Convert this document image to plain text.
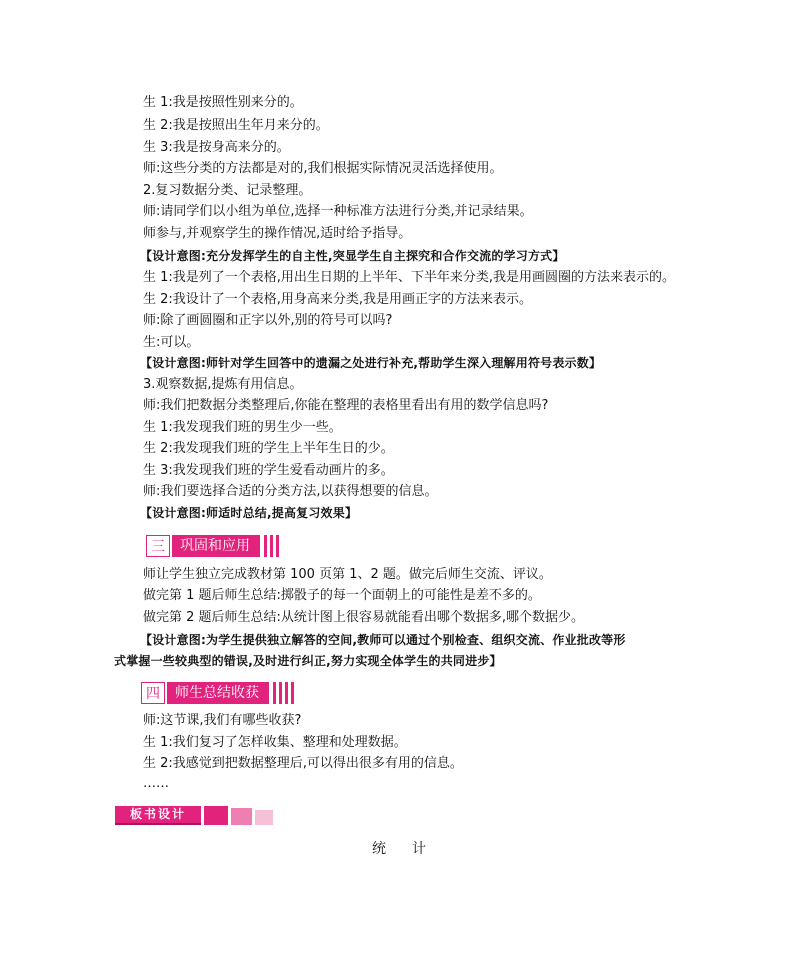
生 1:我是按照性别来分的。
生 2:我是按照出生年月来分的。
生 3:我是按身高来分的。
师:这些分类的方法都是对的,我们根据实际情况灵活选择使用。
2.复习数据分类、记录整理。
师:请同学们以小组为单位,选择一种标准方法进行分类,并记录结果。
师参与,并观察学生的操作情况,适时给予指导。
【设计意图:充分发挥学生的自主性,突显学生自主探究和合作交流的学习方式】
生 1:我是列了一个表格,用出生日期的上半年、下半年来分类,我是用画圆圈的方法来表示的。
生 2:我设计了一个表格,用身高来分类,我是用画正字的方法来表示。
师:除了画圆圈和正字以外,别的符号可以吗?
生:可以。
【设计意图:师针对学生回答中的遗漏之处进行补充,帮助学生深入理解用符号表示数】
3.观察数据,提炼有用信息。
师:我们把数据分类整理后,你能在整理的表格里看出有用的数学信息吗?
生 1:我发现我们班的男生少一些。
生 2:我发现我们班的学生上半年生日的少。
生 3:我发现我们班的学生爱看动画片的多。
师:我们要选择合适的分类方法,以获得想要的信息。
【设计意图:师适时总结,提高复习效果】
三	巩固和应用
师让学生独立完成教材第 100 页第 1、2 题。做完后师生交流、评议。
做完第 1 题后师生总结:掷骰子的每一个面朝上的可能性是差不多的。
做完第 2 题后师生总结:从统计图上很容易就能看出哪个数据多,哪个数据少。
【设计意图:为学生提供独立解答的空间,教师可以通过个别检查、组织交流、作业批改等形
式掌握一些较典型的错误,及时进行纠正,努力实现全体学生的共同进步】
四	师生总结收获
师:这节课,我们有哪些收获?
生 1:我们复习了怎样收集、整理和处理数据。
生 2:我感觉到把数据整理后,可以得出很多有用的信息。
……
板书设计
统计
